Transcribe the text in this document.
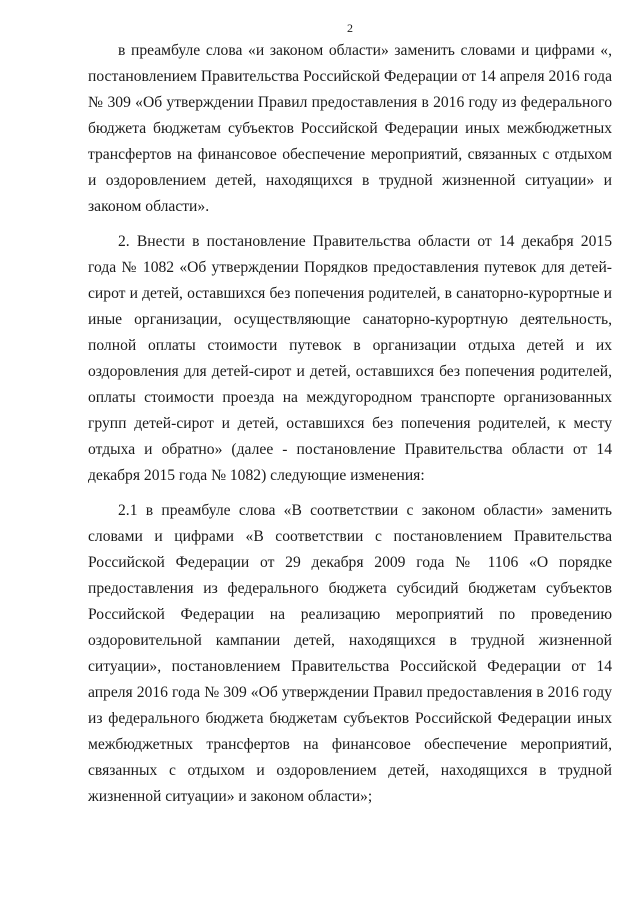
2

в преамбуле слова «и законом области» заменить словами и цифрами «, постановлением Правительства Российской Федерации от 14 апреля 2016 года № 309 «Об утверждении Правил предоставления в 2016 году из федерального бюджета бюджетам субъектов Российской Федерации иных межбюджетных трансфертов на финансовое обеспечение мероприятий, связанных с отдыхом и оздоровлением детей, находящихся в трудной жизненной ситуации» и законом области».

2. Внести в постановление Правительства области от 14 декабря 2015 года № 1082 «Об утверждении Порядков предоставления путевок для детей-сирот и детей, оставшихся без попечения родителей, в санаторно-курортные и иные организации, осуществляющие санаторно-курортную деятельность, полной оплаты стоимости путевок в организации отдыха детей и их оздоровления для детей-сирот и детей, оставшихся без попечения родителей, оплаты стоимости проезда на междугородном транспорте организованных групп детей-сирот и детей, оставшихся без попечения родителей, к месту отдыха и обратно» (далее - постановление Правительства области от 14 декабря 2015 года № 1082) следующие изменения:

2.1 в преамбуле слова «В соответствии с законом области» заменить словами и цифрами «В соответствии с постановлением Правительства Российской Федерации от 29 декабря 2009 года № 1106 «О порядке предоставления из федерального бюджета субсидий бюджетам субъектов Российской Федерации на реализацию мероприятий по проведению оздоровительной кампании детей, находящихся в трудной жизненной ситуации», постановлением Правительства Российской Федерации от 14 апреля 2016 года № 309 «Об утверждении Правил предоставления в 2016 году из федерального бюджета бюджетам субъектов Российской Федерации иных межбюджетных трансфертов на финансовое обеспечение мероприятий, связанных с отдыхом и оздоровлением детей, находящихся в трудной жизненной ситуации» и законом области»;
